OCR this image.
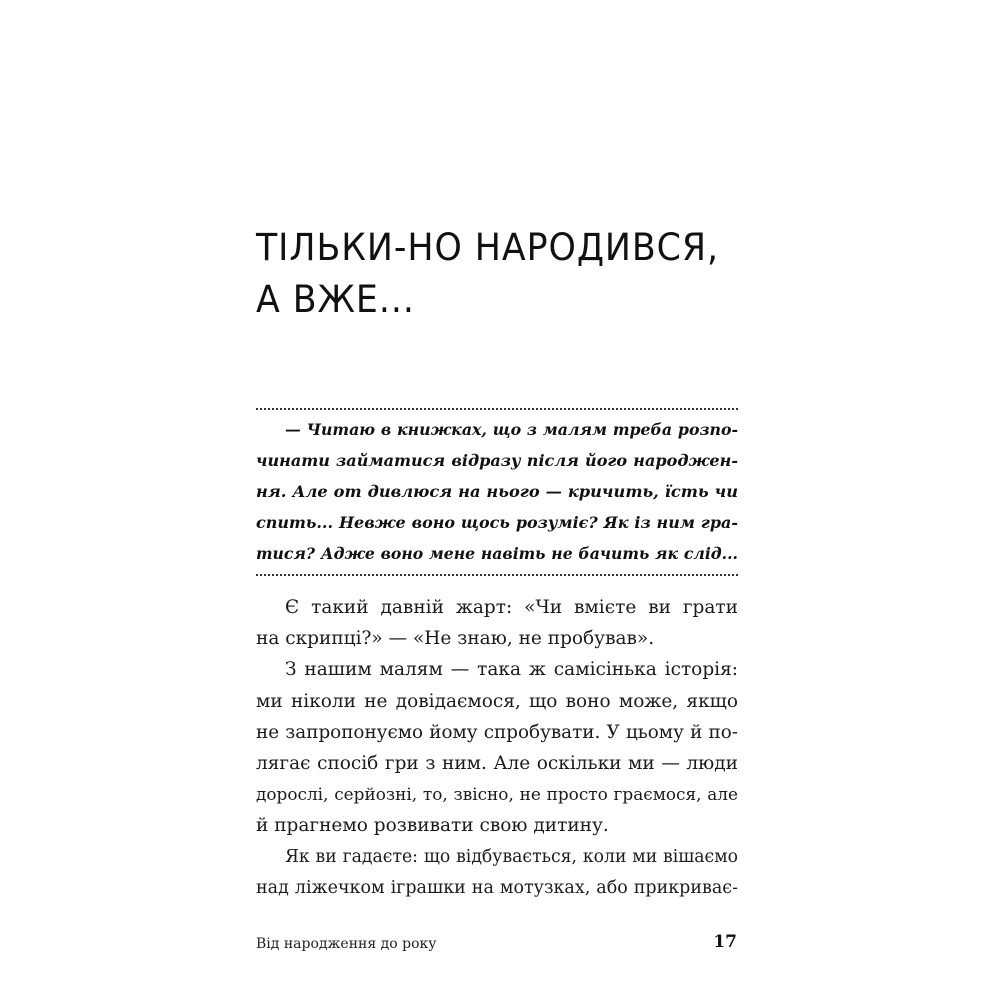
ТІЛЬКИ-НО НАРОДИВСЯ,
А ВЖЕ...
— Читаю в книжках, що з малям треба розпо-
чинати займатися відразу після його народжен-
ня. Але от дивлюся на нього — кричить, їсть чи
спить... Невже воно щось розуміє? Як із ним гра-
тися? Адже воно мене навіть не бачить як слід...
Є такий давній жарт: «Чи вмієте ви грати
на скрипці?» — «Не знаю, не пробував».
З нашим малям — така ж самісінька історія:
ми ніколи не довідаємося, що воно може, якщо
не запропонуємо йому спробувати. У цьому й по-
лягає спосіб гри з ним. Але оскільки ми — люди
дорослі, серйозні, то, звісно, не просто граємося, але
й прагнемо розвивати свою дитину.
Як ви гадаєте: що відбувається, коли ми вішаємо
над ліжечком іграшки на мотузках, або прикриває-
Від народження до року	17
